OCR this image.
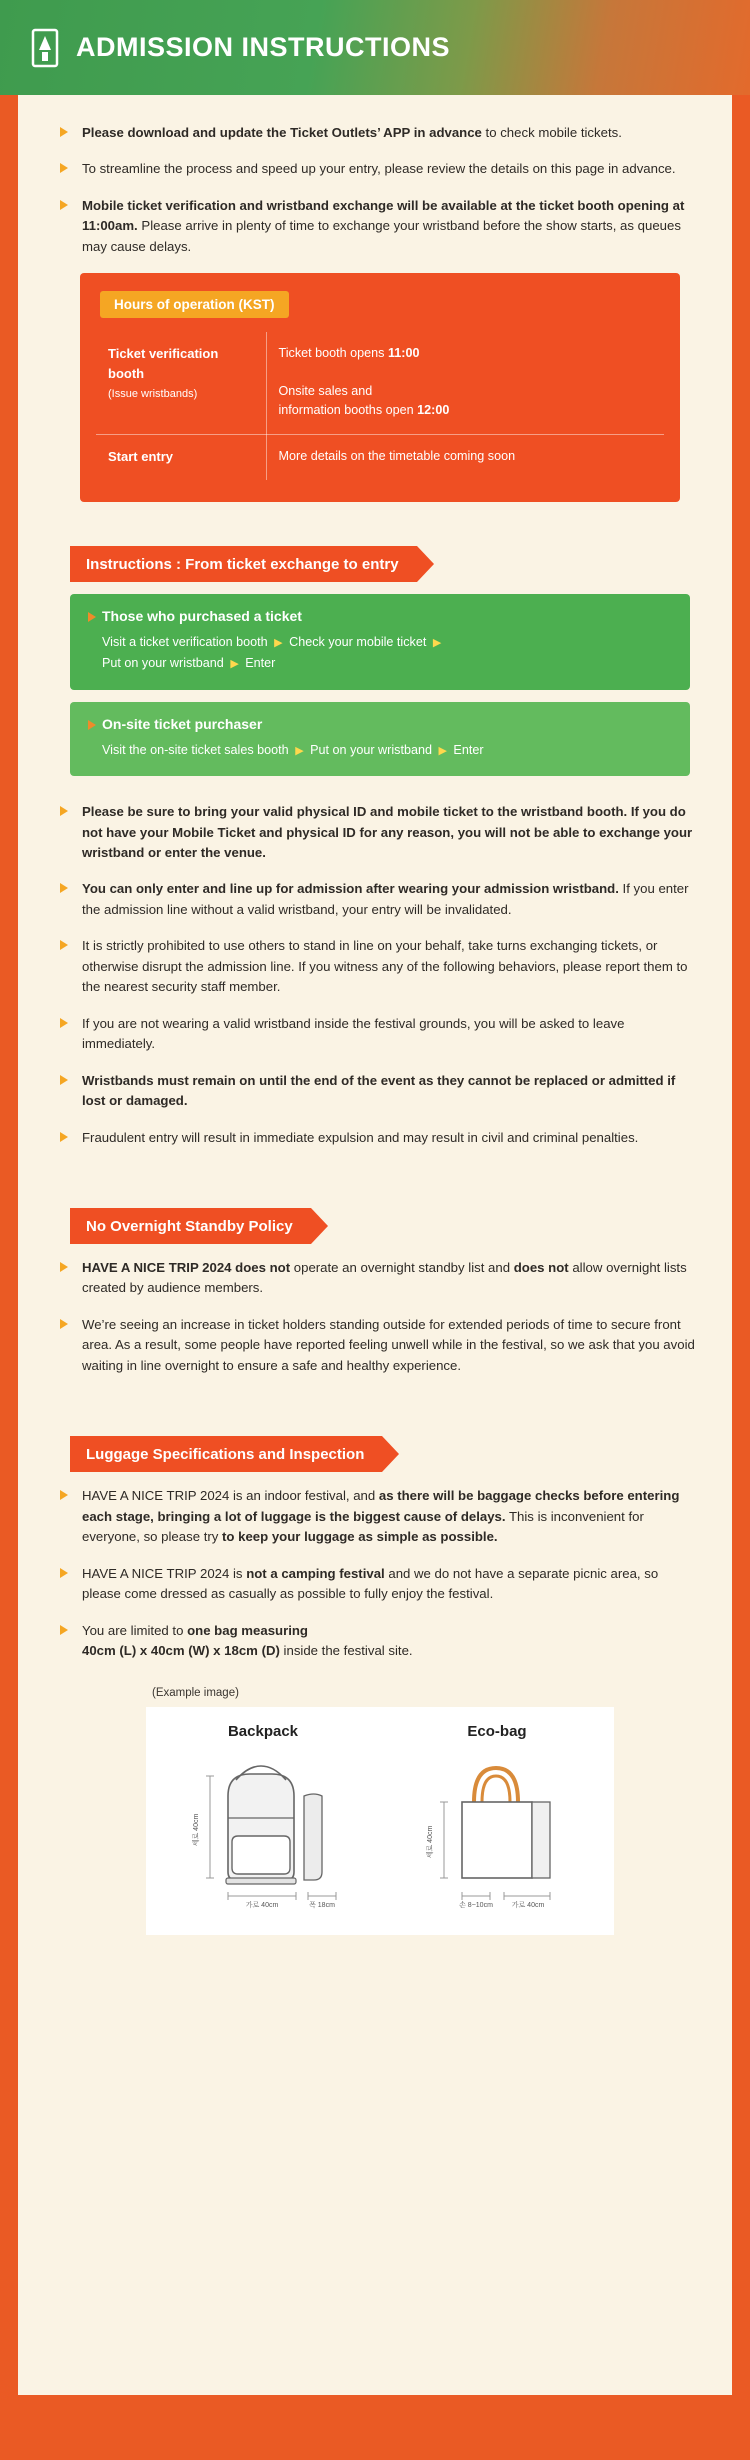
ADMISSION INSTRUCTIONS
Please download and update the Ticket Outlets’ APP in advance to check mobile tickets.
To streamline the process and speed up your entry, please review the details on this page in advance.
Mobile ticket verification and wristband exchange will be available at the ticket booth opening at 11:00am. Please arrive in plenty of time to exchange your wristband before the show starts, as queues may cause delays.
Hours of operation (KST)
Ticket verification booth
(Issue wristbands)	Ticket booth opens 11:00

Onsite sales and
information booths open 12:00
Start entry	More details on the timetable coming soon
Instructions : From ticket exchange to entry
Those who purchased a ticket
Visit a ticket verification booth ▶ Check your mobile ticket ▶
Put on your wristband ▶ Enter
On-site ticket purchaser
Visit the on-site ticket sales booth ▶ Put on your wristband ▶ Enter
Please be sure to bring your valid physical ID and mobile ticket to the wristband booth. If you do not have your Mobile Ticket and physical ID for any reason, you will not be able to exchange your wristband or enter the venue.
You can only enter and line up for admission after wearing your admission wristband. If you enter the admission line without a valid wristband, your entry will be invalidated.
It is strictly prohibited to use others to stand in line on your behalf, take turns exchanging tickets, or otherwise disrupt the admission line. If you witness any of the following behaviors, please report them to the nearest security staff member.
If you are not wearing a valid wristband inside the festival grounds, you will be asked to leave immediately.
Wristbands must remain on until the end of the event as they cannot be replaced or admitted if lost or damaged.
Fraudulent entry will result in immediate expulsion and may result in civil and criminal penalties.
No Overnight Standby Policy
HAVE A NICE TRIP 2024 does not operate an overnight standby list and does not allow overnight lists created by audience members.
We’re seeing an increase in ticket holders standing outside for extended periods of time to secure front area. As a result, some people have reported feeling unwell while in the festival, so we ask that you avoid waiting in line overnight to ensure a safe and healthy experience.
Luggage Specifications and Inspection
HAVE A NICE TRIP 2024 is an indoor festival, and as there will be baggage checks before entering each stage, bringing a lot of luggage is the biggest cause of delays. This is inconvenient for everyone, so please try to keep your luggage as simple as possible.
HAVE A NICE TRIP 2024 is not a camping festival and we do not have a separate picnic area, so please come dressed as casually as possible to fully enjoy the festival.
You are limited to one bag measuring
40cm (L) x 40cm (W) x 18cm (D) inside the festival site.
(Example image)
Backpack
세로 40cm
가로 40cm	폭 18cm
Eco-bag
세로 40cm
손 8~10cm	가로 40cm
